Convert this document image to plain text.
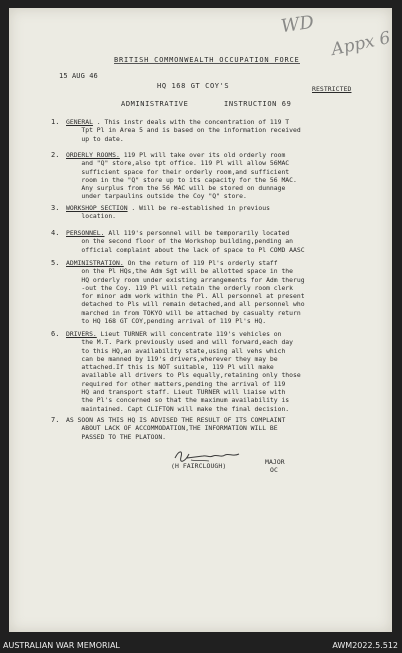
WD
Appx 6
BRITISH COMMONWEALTH OCCUPATION FORCE
15 AUG 46
HQ 168 GT COY'S	RESTRICTED
ADMINISTRATIVE	INSTRUCTION 69
1. GENERAL . This instr deals with the concentration of 119 T
Tpt Pl in Area 5 and is based on the information received
up to date.
2. ORDERLY ROOMS. 119 Pl will take over its old orderly room
and "Q" store,also tpt office. 119 Pl will allow 56MAC
sufficient space for their orderly room,and sufficient
room in the "Q" store up to its capacity for the 56 MAC.
Any surplus from the 56 MAC will be stored on dunnage
under tarpaulins outside the Coy "Q" store.
3. WORKSHOP SECTION . Will be re-established in previous
location.
4. PERSONNEL. All 119's personnel will be temporarily located
on the second floor of the Workshop building,pending an
official complaint about the lack of space to Pl COMD AASC
5. ADMINISTRATION. On the return of 119 Pl's orderly staff
on the Pl HQs,the Adm Sgt will be allotted space in the
HQ orderly room under existing arrangements for Adm therug
-out the Coy. 119 Pl will retain the orderly room clerk
for minor adm work within the Pl. All personnel at present
detached to Pls will remain detached,and all personnel who
marched in from TOKYO will be attached by casualty return
to HQ 168 GT COY,pending arrival of 119 Pl's HQ.
6. DRIVERS. Lieut TURNER will concentrate 119's vehicles on
the M.T. Park previously used and will forward,each day
to this HQ,an availability state,using all vehs which
can be manned by 119's drivers,wherever they may be
attached.If this is NOT suitable, 119 Pl will make
available all drivers to Pls equally,retaining only those
required for other matters,pending the arrival of 119
HQ and transport staff. Lieut TURNER will liaise with
the Pl's concerned so that the maximum availability is
maintained. Capt CLIFTON will make the final decision.
7. AS SOON AS THIS HQ IS ADVISED THE RESULT OF ITS COMPLAINT
ABOUT LACK OF ACCOMMODATION,THE INFORMATION WILL BE
PASSED TO THE PLATOON.
(H FAIRCLOUGH)	MAJOR
OC
AUSTRALIAN WAR MEMORIAL	AWM2022.5.512
